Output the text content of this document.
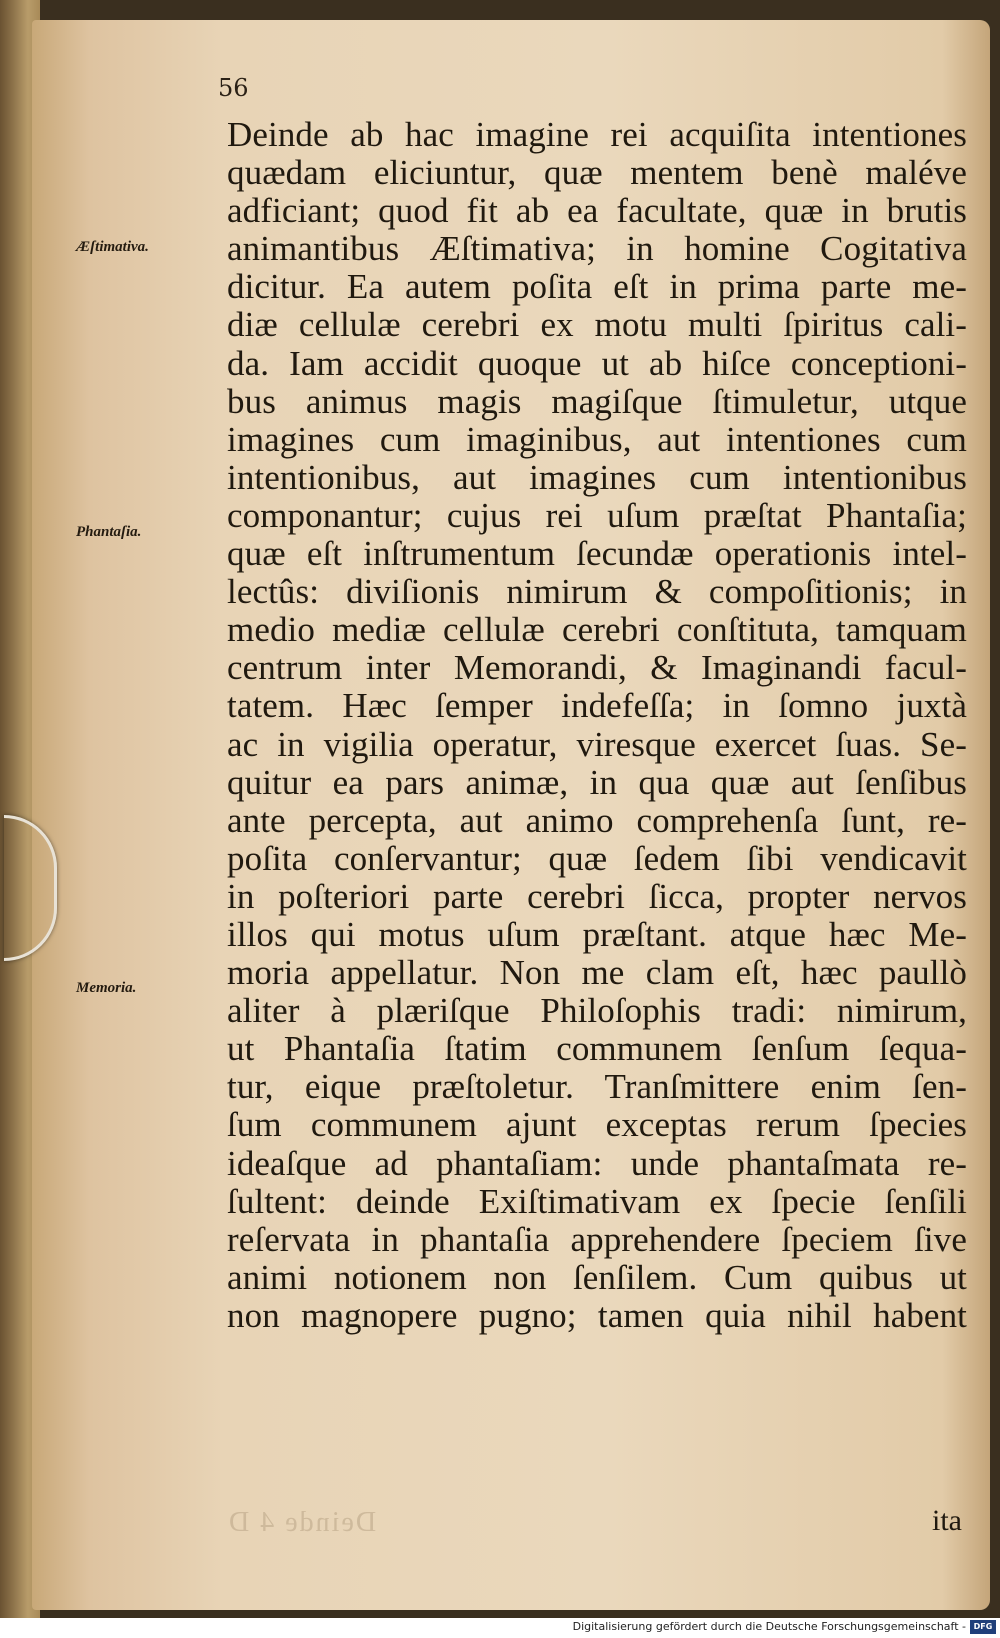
56
Æſtimativa.
Phantaſia.
Memoria.
Deinde ab hac imagine rei acquiſita intentiones
quædam eliciuntur, quæ mentem benè maléve
adficiant; quod fit ab ea facultate, quæ in brutis
animantibus Æſtimativa; in homine Cogitativa
dicitur. Ea autem poſita eſt in prima parte me-
diæ cellulæ cerebri ex motu multi ſpiritus cali-
da. Iam accidit quoque ut ab hiſce conceptioni-
bus animus magis magiſque ſtimuletur, utque
imagines cum imaginibus, aut intentiones cum
intentionibus, aut imagines cum intentionibus
componantur; cujus rei uſum præſtat Phantaſia;
quæ eſt inſtrumentum ſecundæ operationis intel-
lectûs: diviſionis nimirum & compoſitionis; in
medio mediæ cellulæ cerebri conſtituta, tamquam
centrum inter Memorandi, & Imaginandi facul-
tatem. Hæc ſemper indefeſſa; in ſomno juxtà
ac in vigilia operatur, viresque exercet ſuas. Se-
quitur ea pars animæ, in qua quæ aut ſenſibus
ante percepta, aut animo comprehenſa ſunt, re-
poſita conſervantur; quæ ſedem ſibi vendicavit
in poſteriori parte cerebri ſicca, propter nervos
illos qui motus uſum præſtant. atque hæc Me-
moria appellatur. Non me clam eſt, hæc paullò
aliter à plæriſque Philoſophis tradi: nimirum,
ut Phantaſia ſtatim communem ſenſum ſequa-
tur, eique præſtoletur. Tranſmittere enim ſen-
ſum communem ajunt exceptas rerum ſpecies
ideaſque ad phantaſiam: unde phantaſmata re-
ſultent: deinde Exiſtimativam ex ſpecie ſenſili
reſervata in phantaſia apprehendere ſpeciem ſive
animi notionem non ſenſilem. Cum quibus ut
non magnopere pugno; tamen quia nihil habent
Deinde 4 D	ita
Digitalisierung gefördert durch die Deutsche Forschungsgemeinschaft - DFG
